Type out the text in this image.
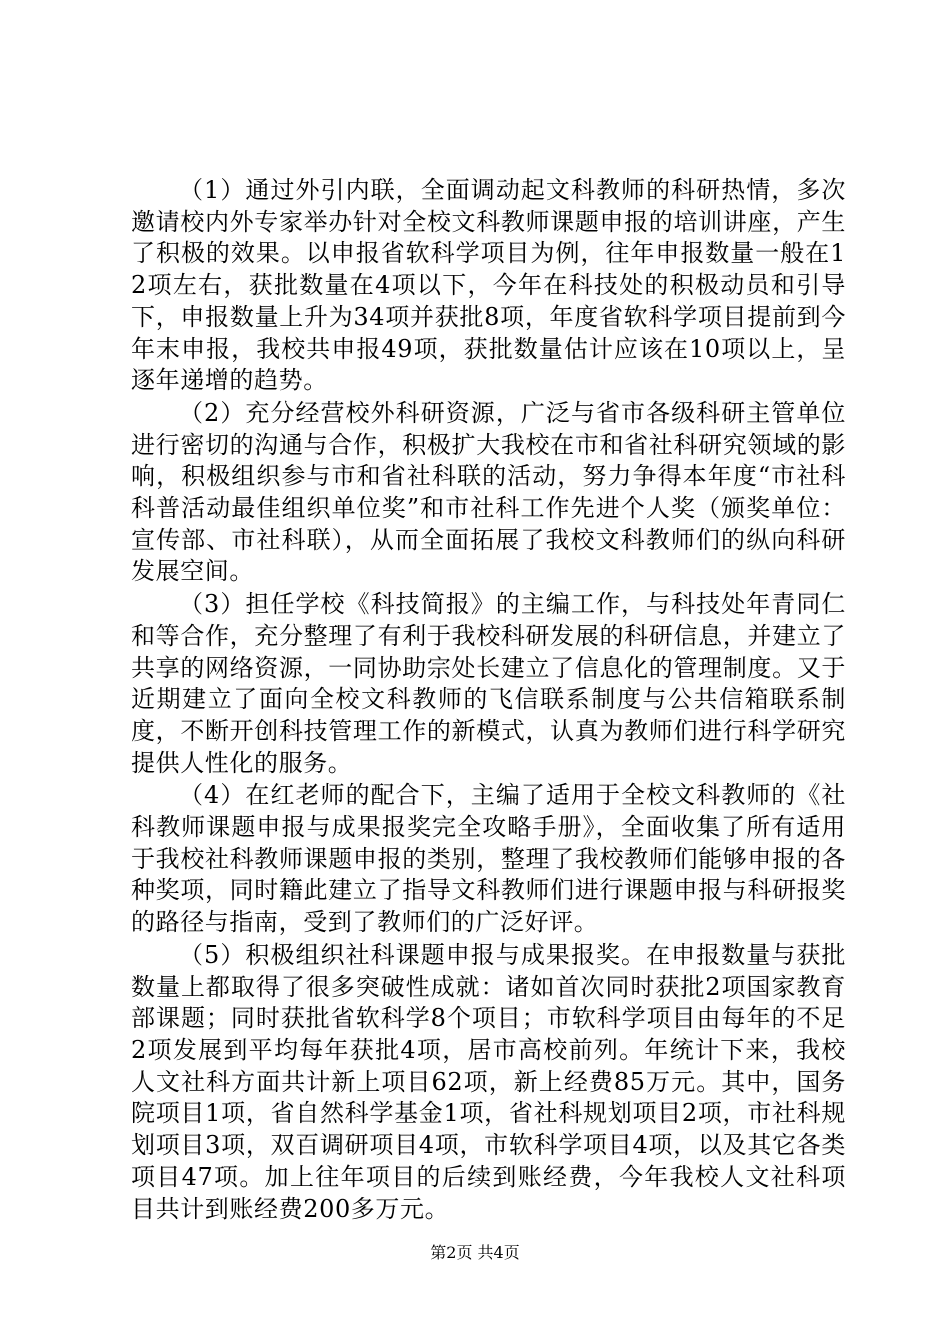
（1）通过外引内联，全面调动起文科教师的科研热情，多次邀请校内外专家举办针对全校文科教师课题申报的培训讲座，产生了积极的效果。以申报省软科学项目为例，往年申报数量一般在12项左右，获批数量在4项以下，今年在科技处的积极动员和引导下，申报数量上升为34项并获批8项，年度省软科学项目提前到今年末申报，我校共申报49项，获批数量估计应该在10项以上，呈逐年递增的趋势。

（2）充分经营校外科研资源，广泛与省市各级科研主管单位进行密切的沟通与合作，积极扩大我校在市和省社科研究领域的影响，积极组织参与市和省社科联的活动，努力争得本年度“市社科科普活动最佳组织单位奖”和市社科工作先进个人奖（颁奖单位：宣传部、市社科联），从而全面拓展了我校文科教师们的纵向科研发展空间。

（3）担任学校《科技简报》的主编工作，与科技处年青同仁和等合作，充分整理了有利于我校科研发展的科研信息，并建立了共享的网络资源，一同协助宗处长建立了信息化的管理制度。又于近期建立了面向全校文科教师的飞信联系制度与公共信箱联系制度，不断开创科技管理工作的新模式，认真为教师们进行科学研究提供人性化的服务。

（4）在红老师的配合下，主编了适用于全校文科教师的《社科教师课题申报与成果报奖完全攻略手册》，全面收集了所有适用于我校社科教师课题申报的类别，整理了我校教师们能够申报的各种奖项，同时籍此建立了指导文科教师们进行课题申报与科研报奖的路径与指南，受到了教师们的广泛好评。

（5）积极组织社科课题申报与成果报奖。在申报数量与获批数量上都取得了很多突破性成就：诸如首次同时获批2项国家教育部课题；同时获批省软科学8个项目；市软科学项目由每年的不足2项发展到平均每年获批4项，居市高校前列。年统计下来，我校人文社科方面共计新上项目62项，新上经费85万元。其中，国务院项目1项，省自然科学基金1项，省社科规划项目2项，市社科规划项目3项，双百调研项目4项，市软科学项目4项，以及其它各类项目47项。加上往年项目的后续到账经费，今年我校人文社科项目共计到账经费200多万元。

第2页 共4页
